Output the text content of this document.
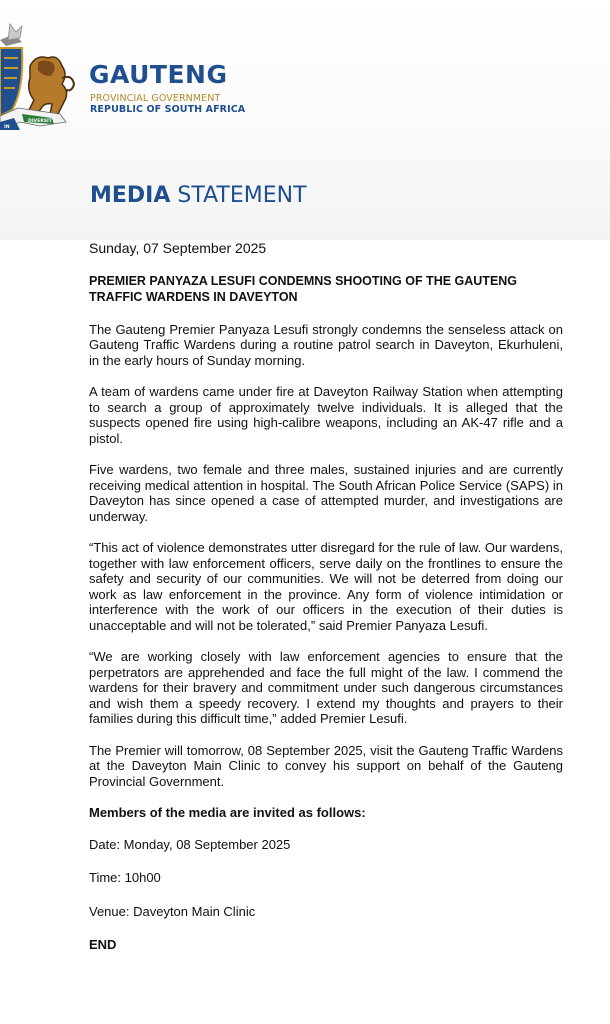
DIVERSITY
IN
GAUTENG
PROVINCIAL GOVERNMENT
REPUBLIC OF SOUTH AFRICA
MEDIA STATEMENT

Sunday, 07 September 2025

PREMIER PANYAZA LESUFI CONDEMNS SHOOTING OF THE GAUTENG TRAFFIC WARDENS IN DAVEYTON

The Gauteng Premier Panyaza Lesufi strongly condemns the senseless attack on Gauteng Traffic Wardens during a routine patrol search in Daveyton, Ekurhuleni, in the early hours of Sunday morning.

A team of wardens came under fire at Daveyton Railway Station when attempting to search a group of approximately twelve individuals. It is alleged that the suspects opened fire using high-calibre weapons, including an AK-47 rifle and a pistol.

Five wardens, two female and three males, sustained injuries and are currently receiving medical attention in hospital. The South African Police Service (SAPS) in Daveyton has since opened a case of attempted murder, and investigations are underway.

“This act of violence demonstrates utter disregard for the rule of law. Our wardens, together with law enforcement officers, serve daily on the frontlines to ensure the safety and security of our communities. We will not be deterred from doing our work as law enforcement in the province. Any form of violence intimidation or interference with the work of our officers in the execution of their duties is unacceptable and will not be tolerated,” said Premier Panyaza Lesufi.

“We are working closely with law enforcement agencies to ensure that the perpetrators are apprehended and face the full might of the law. I commend the wardens for their bravery and commitment under such dangerous circumstances and wish them a speedy recovery. I extend my thoughts and prayers to their families during this difficult time,” added Premier Lesufi.

The Premier will tomorrow, 08 September 2025, visit the Gauteng Traffic Wardens at the Daveyton Main Clinic to convey his support on behalf of the Gauteng Provincial Government.

Members of the media are invited as follows:

Date: Monday, 08 September 2025

Time: 10h00

Venue: Daveyton Main Clinic

END
